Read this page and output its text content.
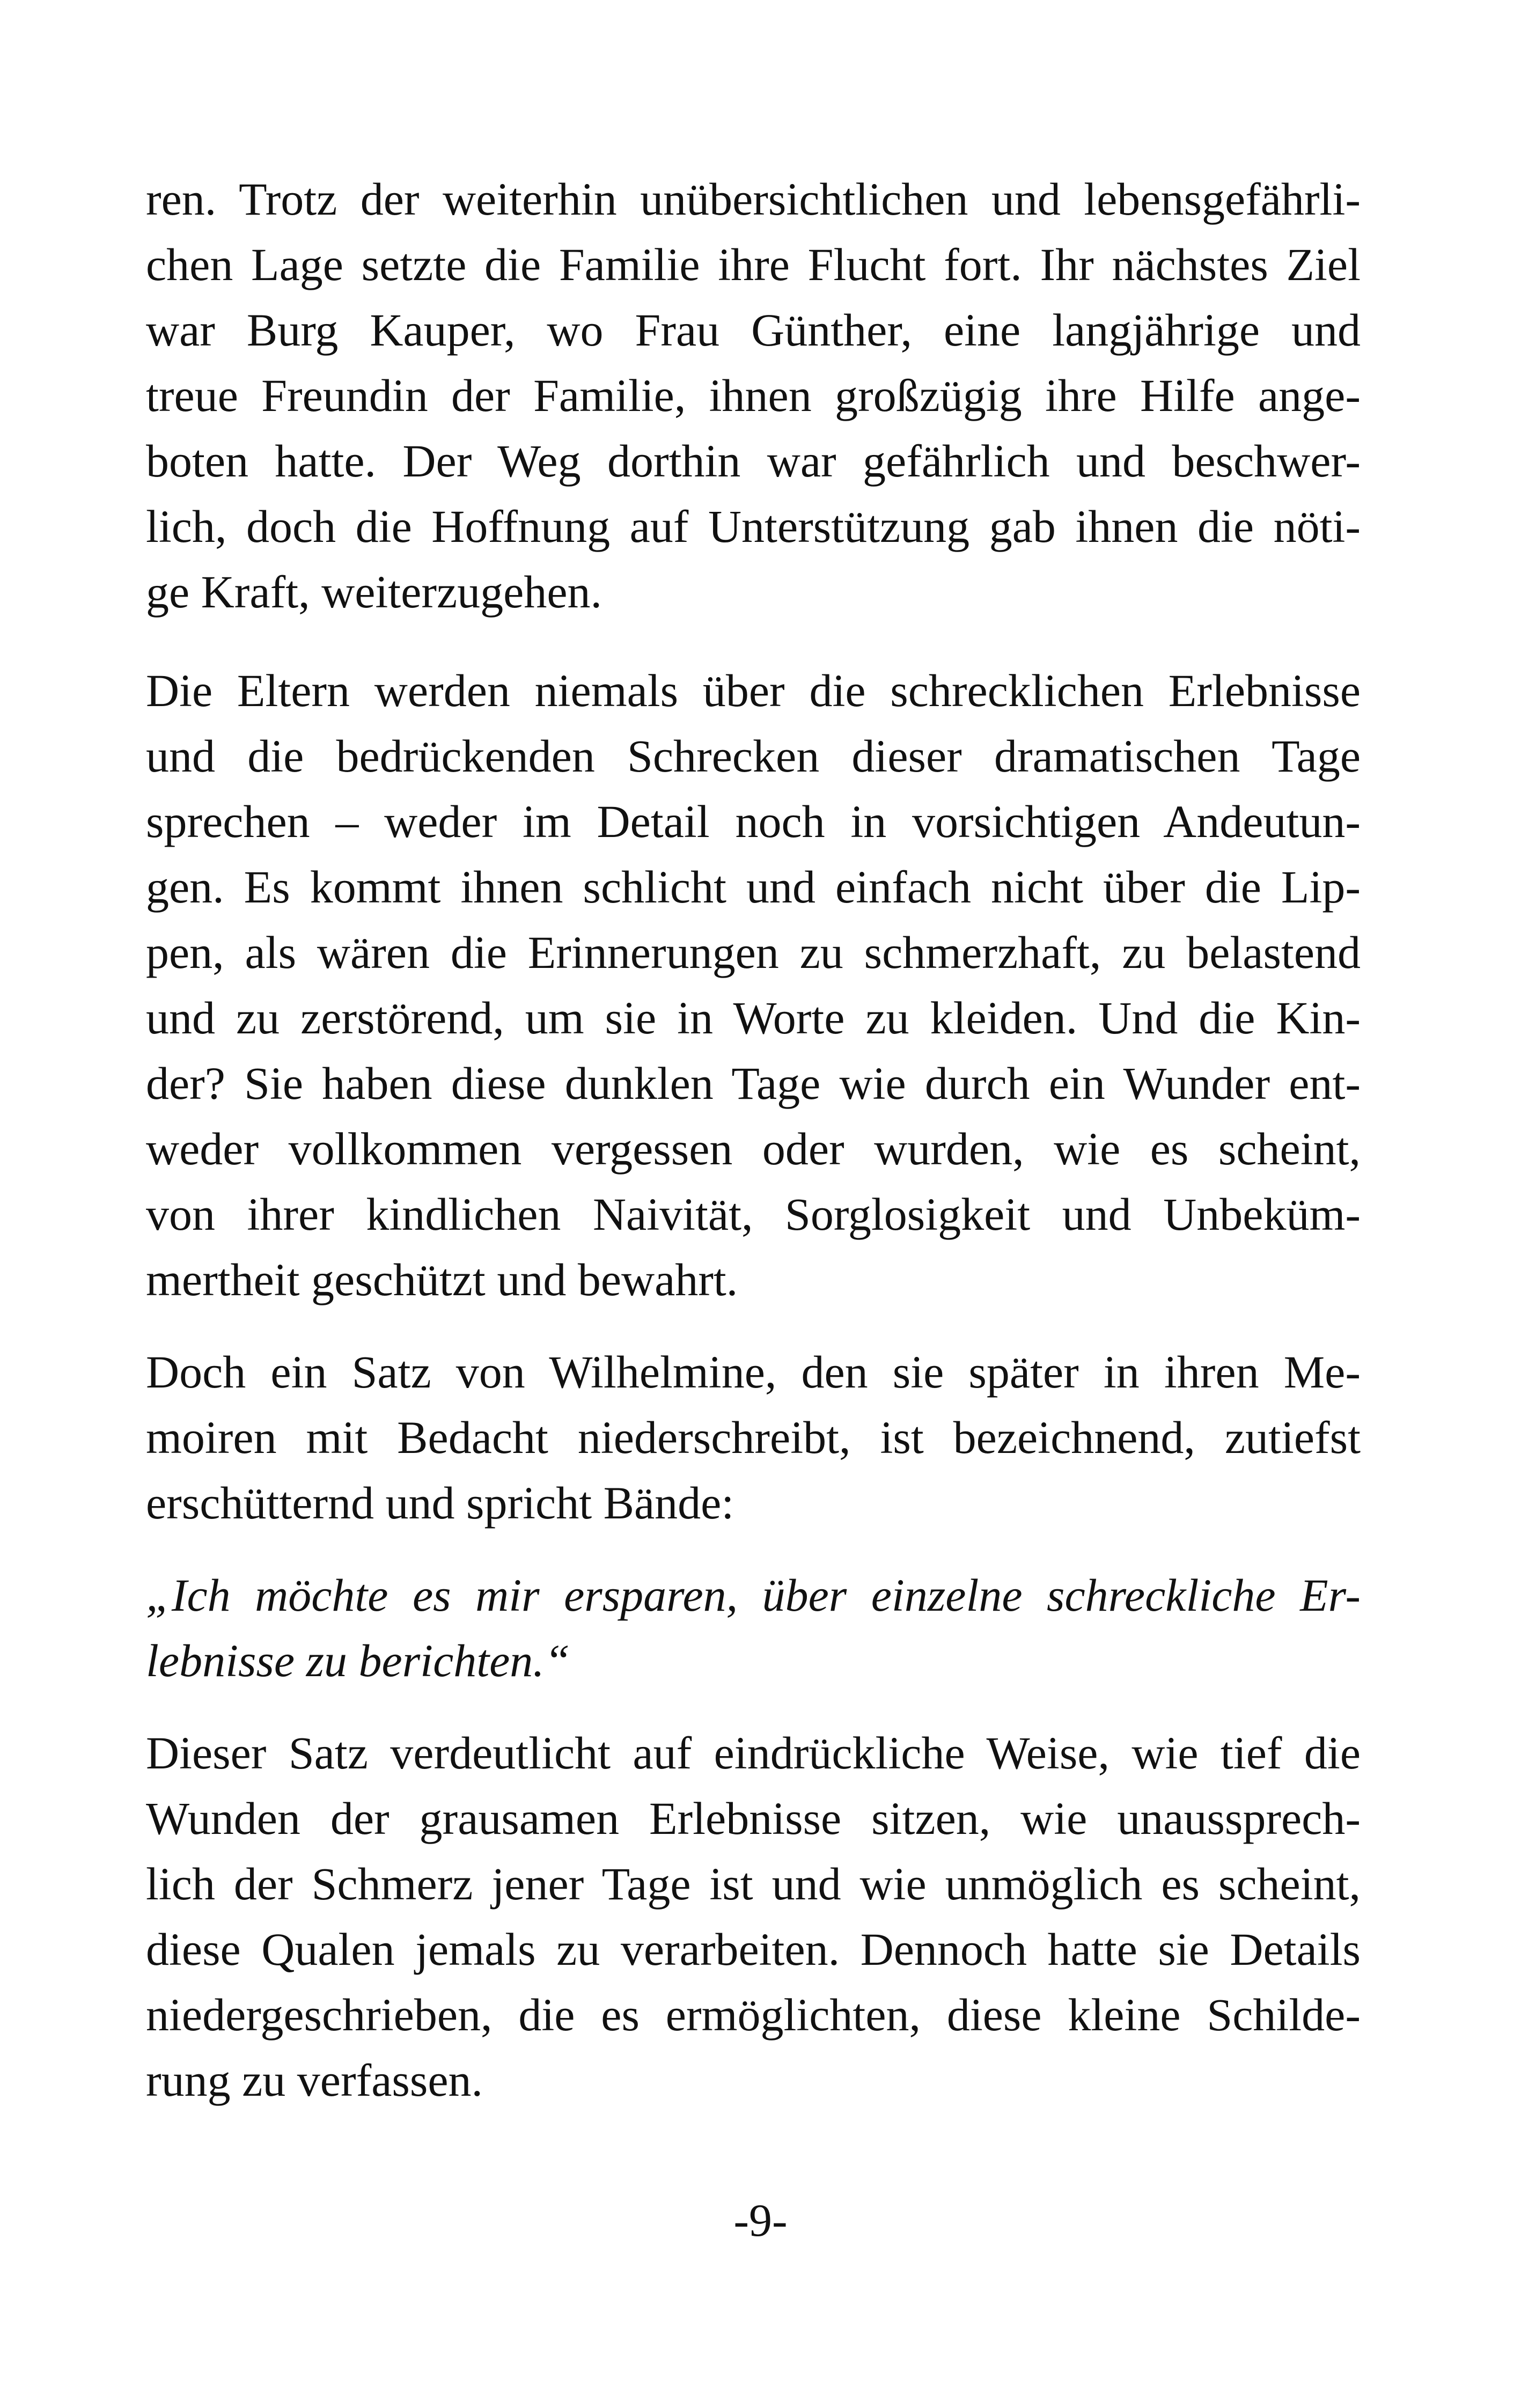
ren. Trotz der weiterhin unübersichtlichen und lebensgefährli-
chen Lage setzte die Familie ihre Flucht fort. Ihr nächstes Ziel
war Burg Kauper, wo Frau Günther, eine langjährige und
treue Freundin der Familie, ihnen großzügig ihre Hilfe ange-
boten hatte. Der Weg dorthin war gefährlich und beschwer-
lich, doch die Hoffnung auf Unterstützung gab ihnen die nöti-
ge Kraft, weiterzugehen.

Die Eltern werden niemals über die schrecklichen Erlebnisse
und die bedrückenden Schrecken dieser dramatischen Tage
sprechen – weder im Detail noch in vorsichtigen Andeutun-
gen. Es kommt ihnen schlicht und einfach nicht über die Lip-
pen, als wären die Erinnerungen zu schmerzhaft, zu belastend
und zu zerstörend, um sie in Worte zu kleiden. Und die Kin-
der? Sie haben diese dunklen Tage wie durch ein Wunder ent-
weder vollkommen vergessen oder wurden, wie es scheint,
von ihrer kindlichen Naivität, Sorglosigkeit und Unbeküm-
mertheit geschützt und bewahrt.

Doch ein Satz von Wilhelmine, den sie später in ihren Me-
moiren mit Bedacht niederschreibt, ist bezeichnend, zutiefst
erschütternd und spricht Bände:

„Ich möchte es mir ersparen, über einzelne schreckliche Er-
lebnisse zu berichten.“

Dieser Satz verdeutlicht auf eindrückliche Weise, wie tief die
Wunden der grausamen Erlebnisse sitzen, wie unaussprech-
lich der Schmerz jener Tage ist und wie unmöglich es scheint,
diese Qualen jemals zu verarbeiten. Dennoch hatte sie Details
niedergeschrieben, die es ermöglichten, diese kleine Schilde-
rung zu verfassen.

-9-
